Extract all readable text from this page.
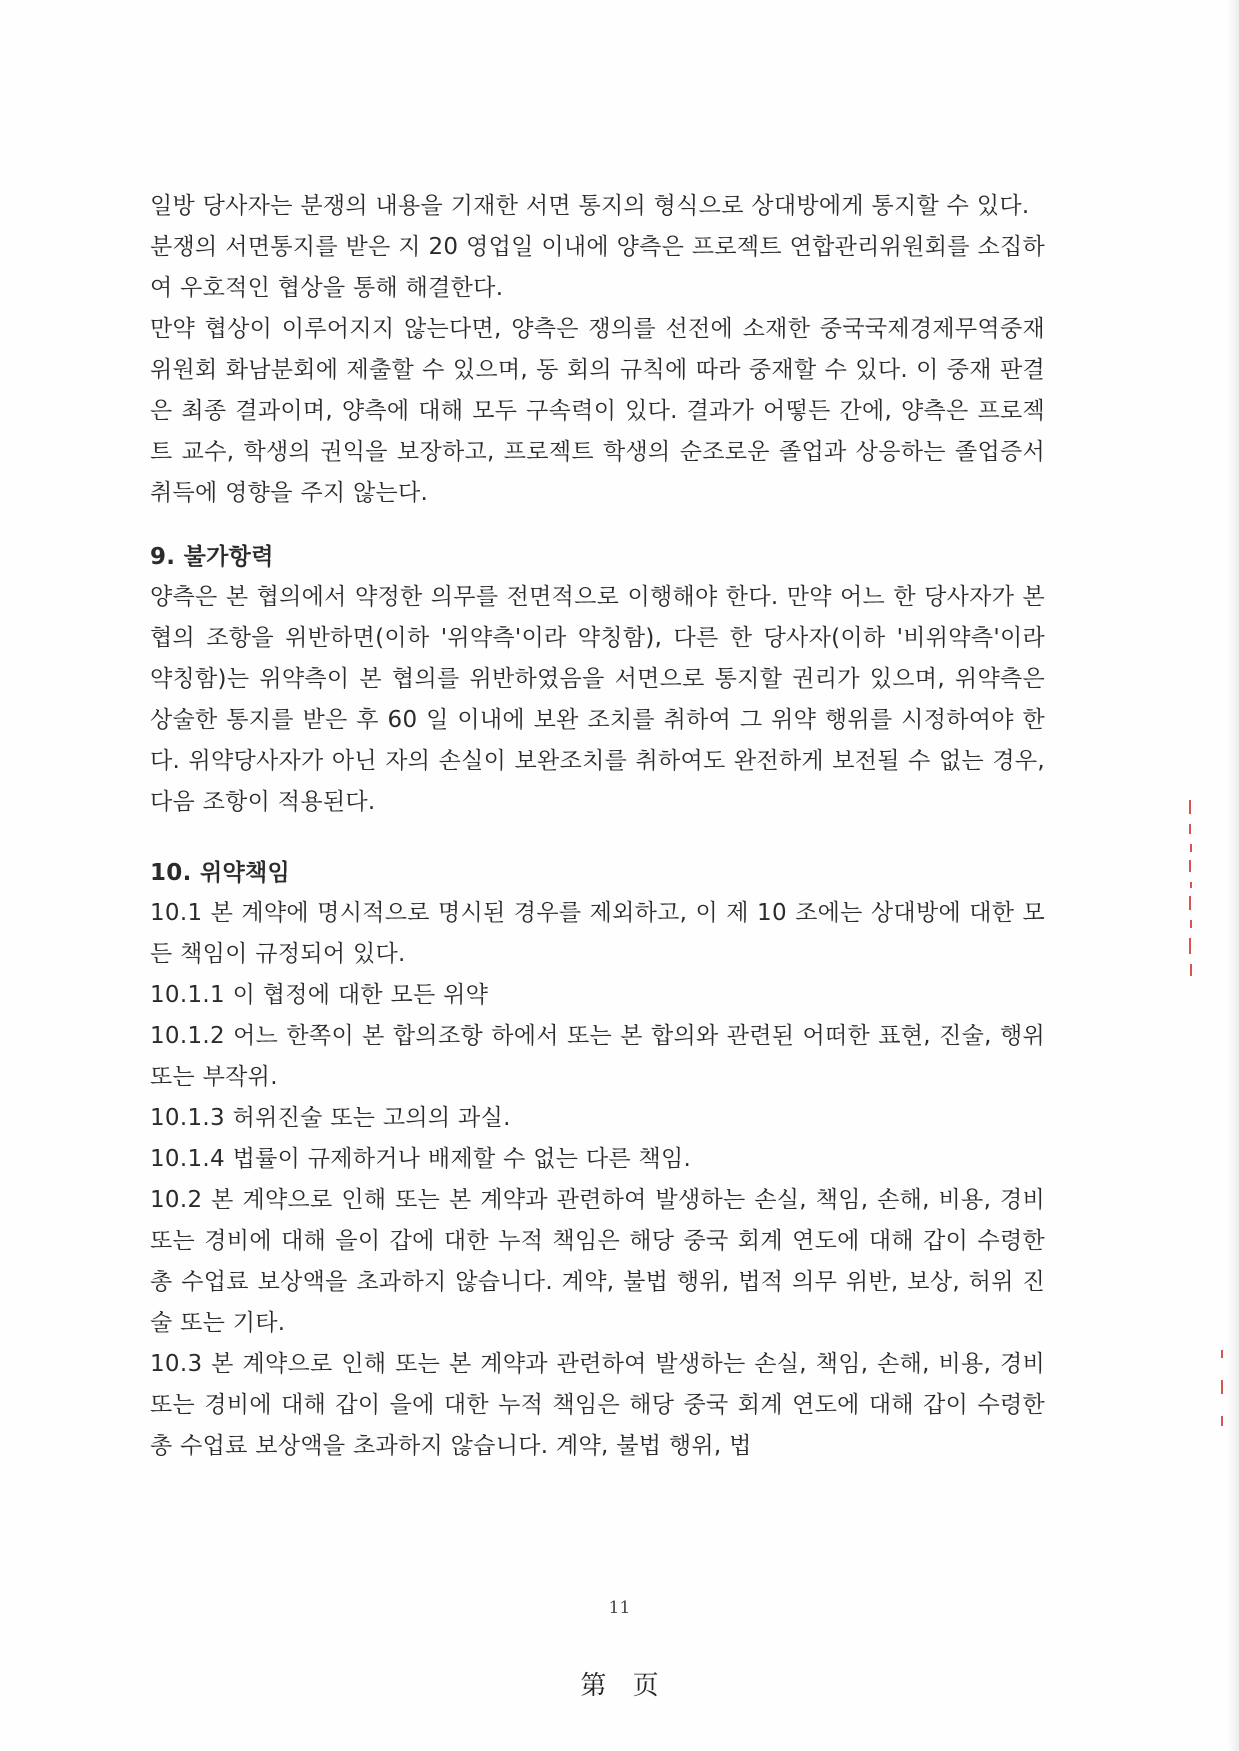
일방 당사자는 분쟁의 내용을 기재한 서면 통지의 형식으로 상대방에게 통지할 수 있다.

분쟁의 서면통지를 받은 지 20 영업일 이내에 양측은 프로젝트 연합관리위원회를 소집하여 우호적인 협상을 통해 해결한다.

만약 협상이 이루어지지 않는다면, 양측은 쟁의를 선전에 소재한 중국국제경제무역중재위원회 화남분회에 제출할 수 있으며, 동 회의 규칙에 따라 중재할 수 있다. 이 중재 판결은 최종 결과이며, 양측에 대해 모두 구속력이 있다. 결과가 어떻든 간에, 양측은 프로젝트 교수, 학생의 권익을 보장하고, 프로젝트 학생의 순조로운 졸업과 상응하는 졸업증서 취득에 영향을 주지 않는다.

9. 불가항력

양측은 본 협의에서 약정한 의무를 전면적으로 이행해야 한다. 만약 어느 한 당사자가 본 협의 조항을 위반하면(이하 '위약측'이라 약칭함), 다른 한 당사자(이하 '비위약측'이라 약칭함)는 위약측이 본 협의를 위반하였음을 서면으로 통지할 권리가 있으며, 위약측은 상술한 통지를 받은 후 60 일 이내에 보완 조치를 취하여 그 위약 행위를 시정하여야 한다. 위약당사자가 아닌 자의 손실이 보완조치를 취하여도 완전하게 보전될 수 없는 경우, 다음 조항이 적용된다.

10. 위약책임

10.1 본 계약에 명시적으로 명시된 경우를 제외하고, 이 제 10 조에는 상대방에 대한 모든 책임이 규정되어 있다.

10.1.1 이 협정에 대한 모든 위약

10.1.2 어느 한쪽이 본 합의조항 하에서 또는 본 합의와 관련된 어떠한 표현, 진술, 행위 또는 부작위.

10.1.3 허위진술 또는 고의의 과실.

10.1.4 법률이 규제하거나 배제할 수 없는 다른 책임.

10.2 본 계약으로 인해 또는 본 계약과 관련하여 발생하는 손실, 책임, 손해, 비용, 경비 또는 경비에 대해 을이 갑에 대한 누적 책임은 해당 중국 회계 연도에 대해 갑이 수령한 총 수업료 보상액을 초과하지 않습니다. 계약, 불법 행위, 법적 의무 위반, 보상, 허위 진술 또는 기타.

10.3 본 계약으로 인해 또는 본 계약과 관련하여 발생하는 손실, 책임, 손해, 비용, 경비 또는 경비에 대해 갑이 을에 대한 누적 책임은 해당 중국 회계 연도에 대해 갑이 수령한 총 수업료 보상액을 초과하지 않습니다. 계약, 불법 행위, 법

11
第 页
